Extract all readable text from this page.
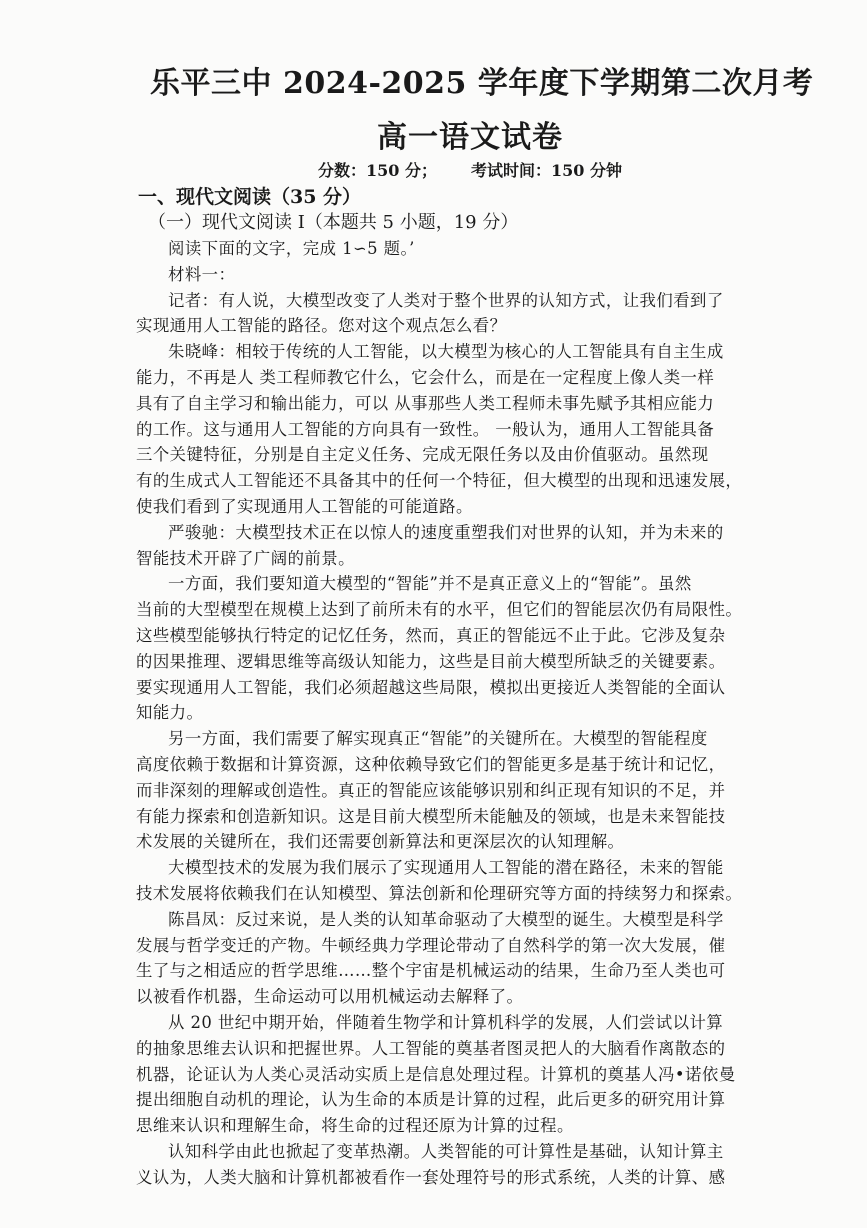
乐平三中 2024-2025 学年度下学期第二次月考
高一语文试卷
分数：150 分； 考试时间：150 分钟
一、现代文阅读（35 分）
（一）现代文阅读 I（本题共 5 小题，19 分）
阅读下面的文字，完成 1∽5 题。’
材料一：
记者：有人说，大模型改变了人类对于整个世界的认知方式，让我们看到了
实现通用人工智能的路径。您对这个观点怎么看？
朱晓峰：相较于传统的人工智能，以大模型为核心的人工智能具有自主生成
能力，不再是人 类工程师教它什么，它会什么，而是在一定程度上像人类一样
具有了自主学习和输出能力，可以 从事那些人类工程师未事先赋予其相应能力
的工作。这与通用人工智能的方向具有一致性。 一般认为，通用人工智能具备
三个关键特征，分别是自主定义任务、完成无限任务以及由价值驱动。虽然现
有的生成式人工智能还不具备其中的任何一个特征，但大模型的出现和迅速发展，
使我们看到了实现通用人工智能的可能道路。
严骏驰：大模型技术正在以惊人的速度重塑我们对世界的认知，并为未来的
智能技术开辟了广阔的前景。
一方面，我们要知道大模型的“智能”并不是真正意义上的“智能”。虽然
当前的大型模型在规模上达到了前所未有的水平，但它们的智能层次仍有局限性。
这些模型能够执行特定的记忆任务，然而，真正的智能远不止于此。它涉及复杂
的因果推理、逻辑思维等高级认知能力，这些是目前大模型所缺乏的关键要素。
要实现通用人工智能，我们必须超越这些局限，模拟出更接近人类智能的全面认
知能力。
另一方面，我们需要了解实现真正“智能”的关键所在。大模型的智能程度
高度依赖于数据和计算资源，这种依赖导致它们的智能更多是基于统计和记忆，
而非深刻的理解或创造性。真正的智能应该能够识别和纠正现有知识的不足，并
有能力探索和创造新知识。这是目前大模型所未能触及的领域，也是未来智能技
术发展的关键所在，我们还需要创新算法和更深层次的认知理解。
大模型技术的发展为我们展示了实现通用人工智能的潜在路径，未来的智能
技术发展将依赖我们在认知模型、算法创新和伦理研究等方面的持续努力和探索。
陈昌凤：反过来说，是人类的认知革命驱动了大模型的诞生。大模型是科学
发展与哲学变迁的产物。牛顿经典力学理论带动了自然科学的第一次大发展，催
生了与之相适应的哲学思维……整个宇宙是机械运动的结果，生命乃至人类也可
以被看作机器，生命运动可以用机械运动去解释了。
从 20 世纪中期开始，伴随着生物学和计算机科学的发展，人们尝试以计算
的抽象思维去认识和把握世界。人工智能的奠基者图灵把人的大脑看作离散态的
机器，论证认为人类心灵活动实质上是信息处理过程。计算机的奠基人冯•诺依曼
提出细胞自动机的理论，认为生命的本质是计算的过程，此后更多的研究用计算
思维来认识和理解生命，将生命的过程还原为计算的过程。
认知科学由此也掀起了变革热潮。人类智能的可计算性是基础，认知计算主
义认为，人类大脑和计算机都被看作一套处理符号的形式系统，人类的计算、感
